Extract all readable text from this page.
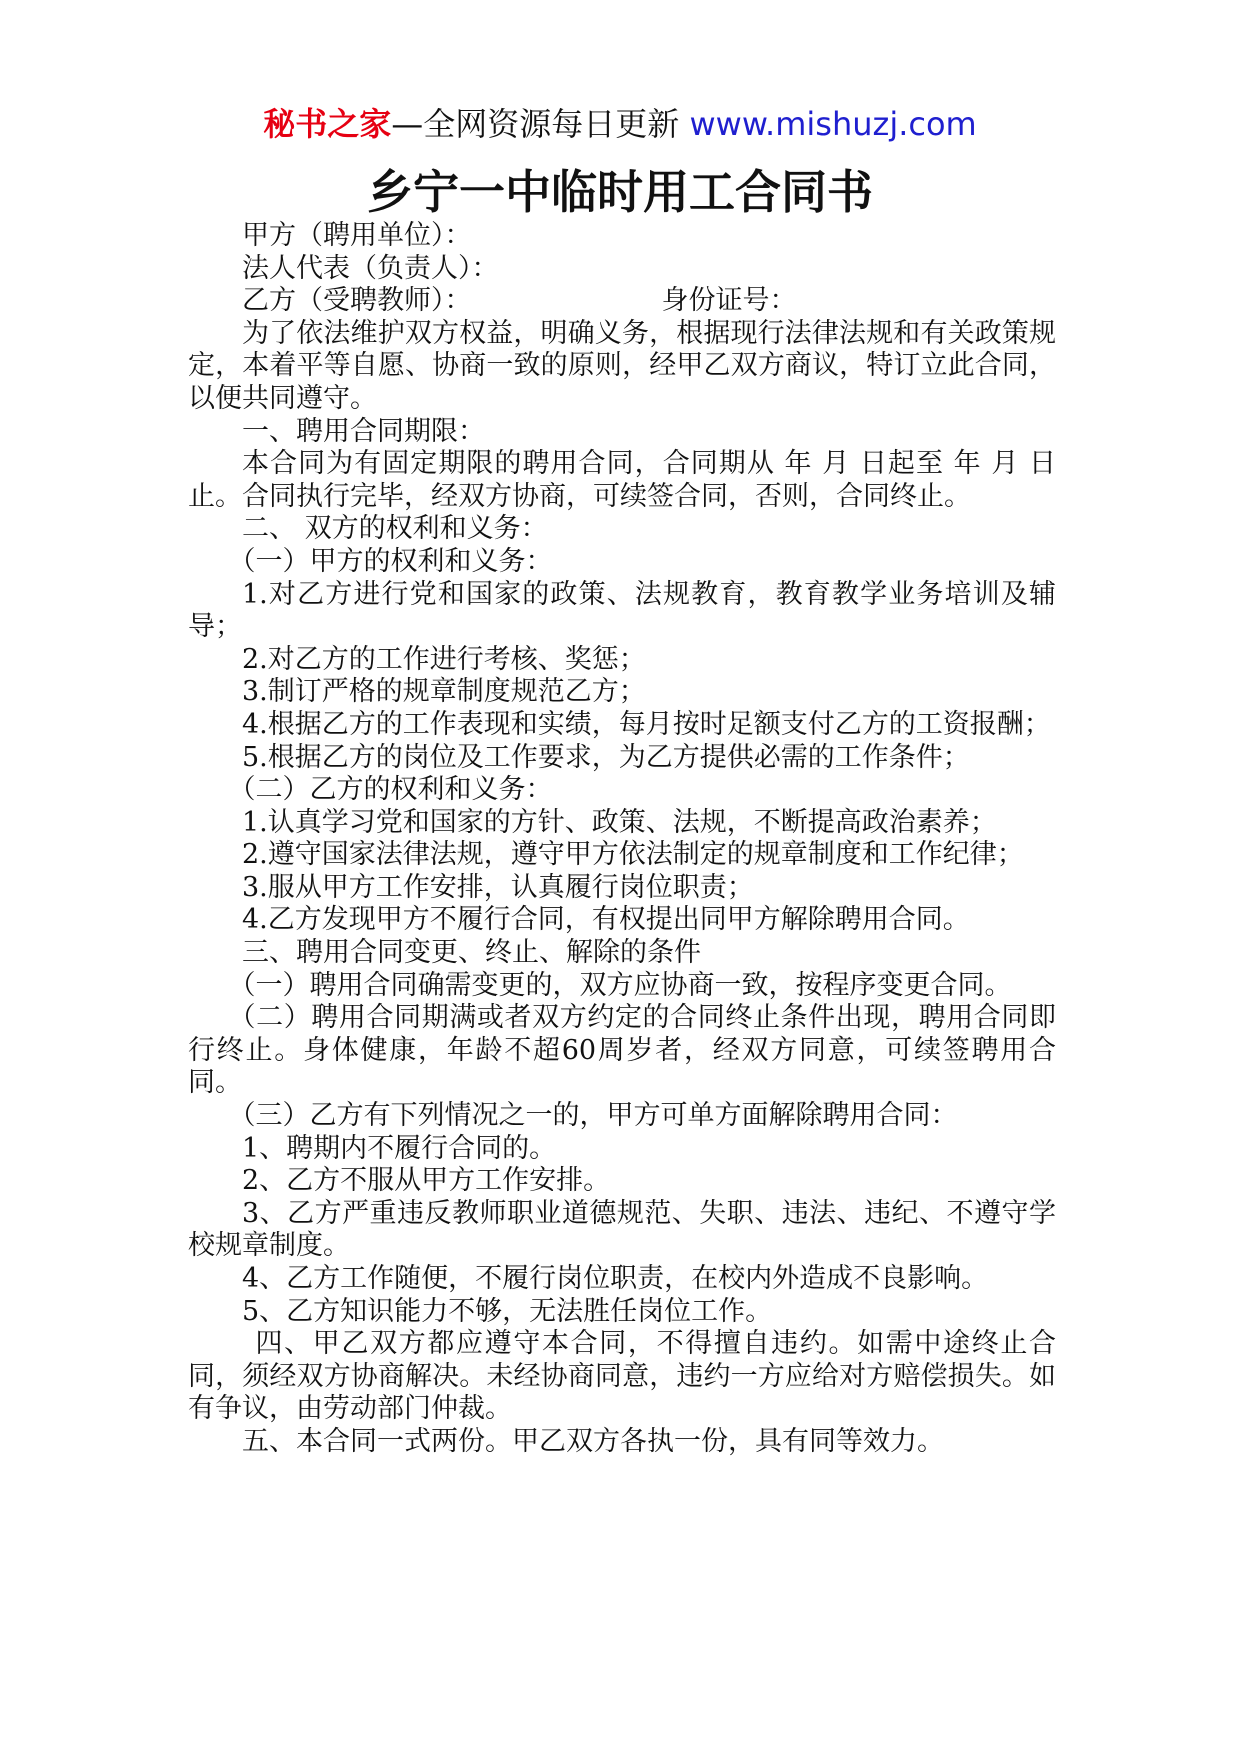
秘书之家—全网资源每日更新 www.mishuzj.com
乡宁一中临时用工合同书

甲方（聘用单位）：

法人代表（负责人）：

乙方（受聘教师）：	身份证号：

为了依法维护双方权益，明确义务，根据现行法律法规和有关政策规定，本着平等自愿、协商一致的原则，经甲乙双方商议，特订立此合同，以便共同遵守。

一、聘用合同期限：

本合同为有固定期限的聘用合同，合同期从 年 月 日起至 年 月 日止。合同执行完毕，经双方协商，可续签合同，否则，合同终止。

二、 双方的权利和义务：

（一）甲方的权利和义务：

1.对乙方进行党和国家的政策、法规教育，教育教学业务培训及辅导；

2.对乙方的工作进行考核、奖惩；

3.制订严格的规章制度规范乙方；

4.根据乙方的工作表现和实绩，每月按时足额支付乙方的工资报酬；

5.根据乙方的岗位及工作要求，为乙方提供必需的工作条件；

（二）乙方的权利和义务：

1.认真学习党和国家的方针、政策、法规，不断提高政治素养；

2.遵守国家法律法规，遵守甲方依法制定的规章制度和工作纪律；

3.服从甲方工作安排，认真履行岗位职责；

4.乙方发现甲方不履行合同，有权提出同甲方解除聘用合同。

三、聘用合同变更、终止、解除的条件

（一）聘用合同确需变更的，双方应协商一致，按程序变更合同。

（二）聘用合同期满或者双方约定的合同终止条件出现，聘用合同即行终止。身体健康，年龄不超60周岁者，经双方同意，可续签聘用合同。

（三）乙方有下列情况之一的，甲方可单方面解除聘用合同：

1、聘期内不履行合同的。

2、乙方不服从甲方工作安排。

3、乙方严重违反教师职业道德规范、失职、违法、违纪、不遵守学校规章制度。

4、乙方工作随便，不履行岗位职责，在校内外造成不良影响。

5、乙方知识能力不够，无法胜任岗位工作。

四、甲乙双方都应遵守本合同，不得擅自违约。如需中途终止合同，须经双方协商解决。未经协商同意，违约一方应给对方赔偿损失。如有争议，由劳动部门仲裁。

五、本合同一式两份。甲乙双方各执一份，具有同等效力。
